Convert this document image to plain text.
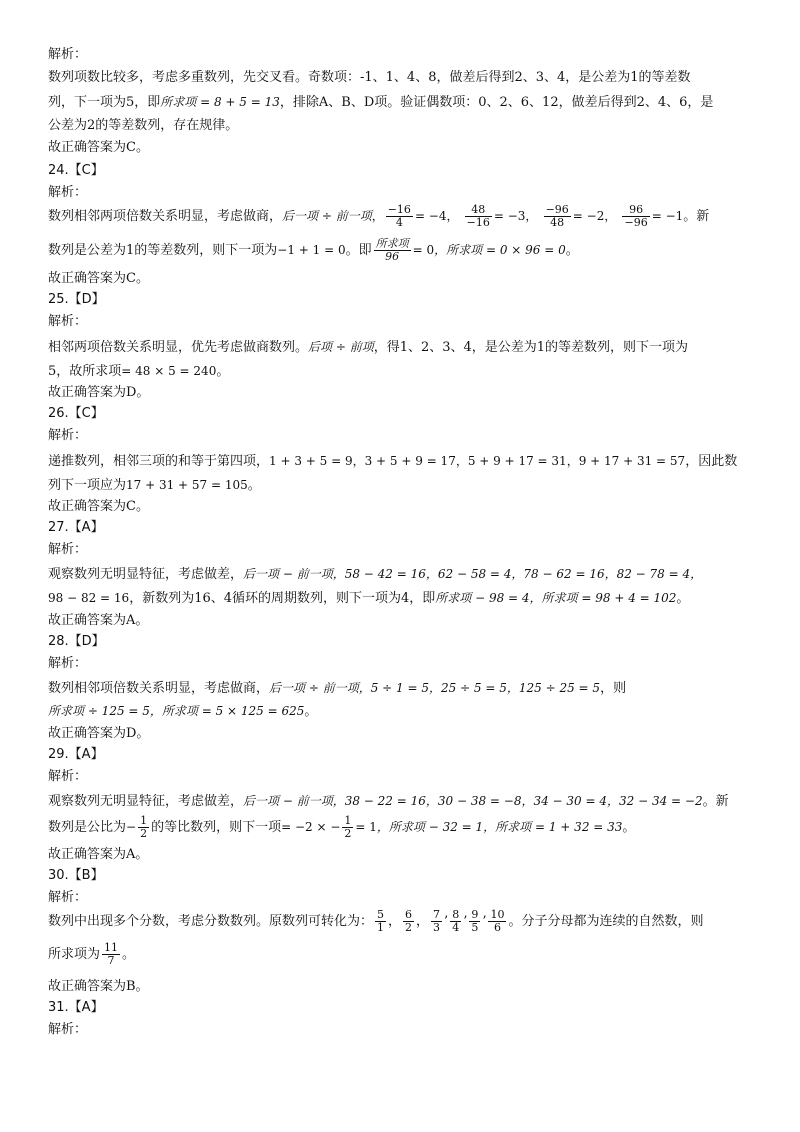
解析：
数列项数比较多，考虑多重数列，先交叉看。奇数项：-1、1、4、8，做差后得到2、3、4，是公差为1的等差数
列，下一项为5，即所求项 = 8 + 5 = 13，排除A、B、D项。验证偶数项：0、2、6、12，做差后得到2、4、6，是
公差为2的等差数列，存在规律。
故正确答案为C。
24.【C】
解析：
数列相邻两项倍数关系明显，考虑做商，后一项 ÷ 前一项， $\frac{-16}{4} = -4$， $\frac{48}{-16} = -3$， $\frac{-96}{48} = -2$， $\frac{96}{-96} = -1$。新
数列是公差为1的等差数列，则下一项为−1 + 1 = 0。即 $\frac{\text{所求项}}{96} = 0$，所求项 = 0 × 96 = 0。
故正确答案为C。
25.【D】
解析：
相邻两项倍数关系明显，优先考虑做商数列。后项 ÷ 前项，得1、2、3、4，是公差为1的等差数列，则下一项为
5，故所求项= 48 × 5 = 240。
故正确答案为D。
26.【C】
解析：
递推数列，相邻三项的和等于第四项，1 + 3 + 5 = 9，3 + 5 + 9 = 17，5 + 9 + 17 = 31，9 + 17 + 31 = 57，因此数
列下一项应为17 + 31 + 57 = 105。
故正确答案为C。
27.【A】
解析：
观察数列无明显特征，考虑做差，后一项 − 前一项，58 − 42 = 16，62 − 58 = 4，78 − 62 = 16，82 − 78 = 4，
98 − 82 = 16，新数列为16、4循环的周期数列，则下一项为4，即所求项 − 98 = 4，所求项 = 98 + 4 = 102。
故正确答案为A。
28.【D】
解析：
数列相邻项倍数关系明显，考虑做商，后一项 ÷ 前一项，5 ÷ 1 = 5，25 ÷ 5 = 5，125 ÷ 25 = 5，则
所求项 ÷ 125 = 5，所求项 = 5 × 125 = 625。
故正确答案为D。
29.【A】
解析：
观察数列无明显特征，考虑做差，后一项 − 前一项，38 − 22 = 16，30 − 38 = −8，34 − 30 = 4，32 − 34 = −2。新
数列是公比为− $\frac{1}{2}$ 的等比数列，则下一项= −2 × − $\frac{1}{2} = 1$，所求项 − 32 = 1，所求项 = 1 + 32 = 33。
故正确答案为A。
30.【B】
解析：
数列中出现多个分数，考虑分数数列。原数列可转化为： $\frac{5}{1}$ ， $\frac{6}{2}$ ， $\frac{7}{3}$ ’ $\frac{8}{4}$ ’ $\frac{9}{5}$ ’ $\frac{10}{6}$ 。分子分母都为连续的自然数，则
所求项为 $\frac{11}{7}$ 。
故正确答案为B。
31.【A】
解析：
